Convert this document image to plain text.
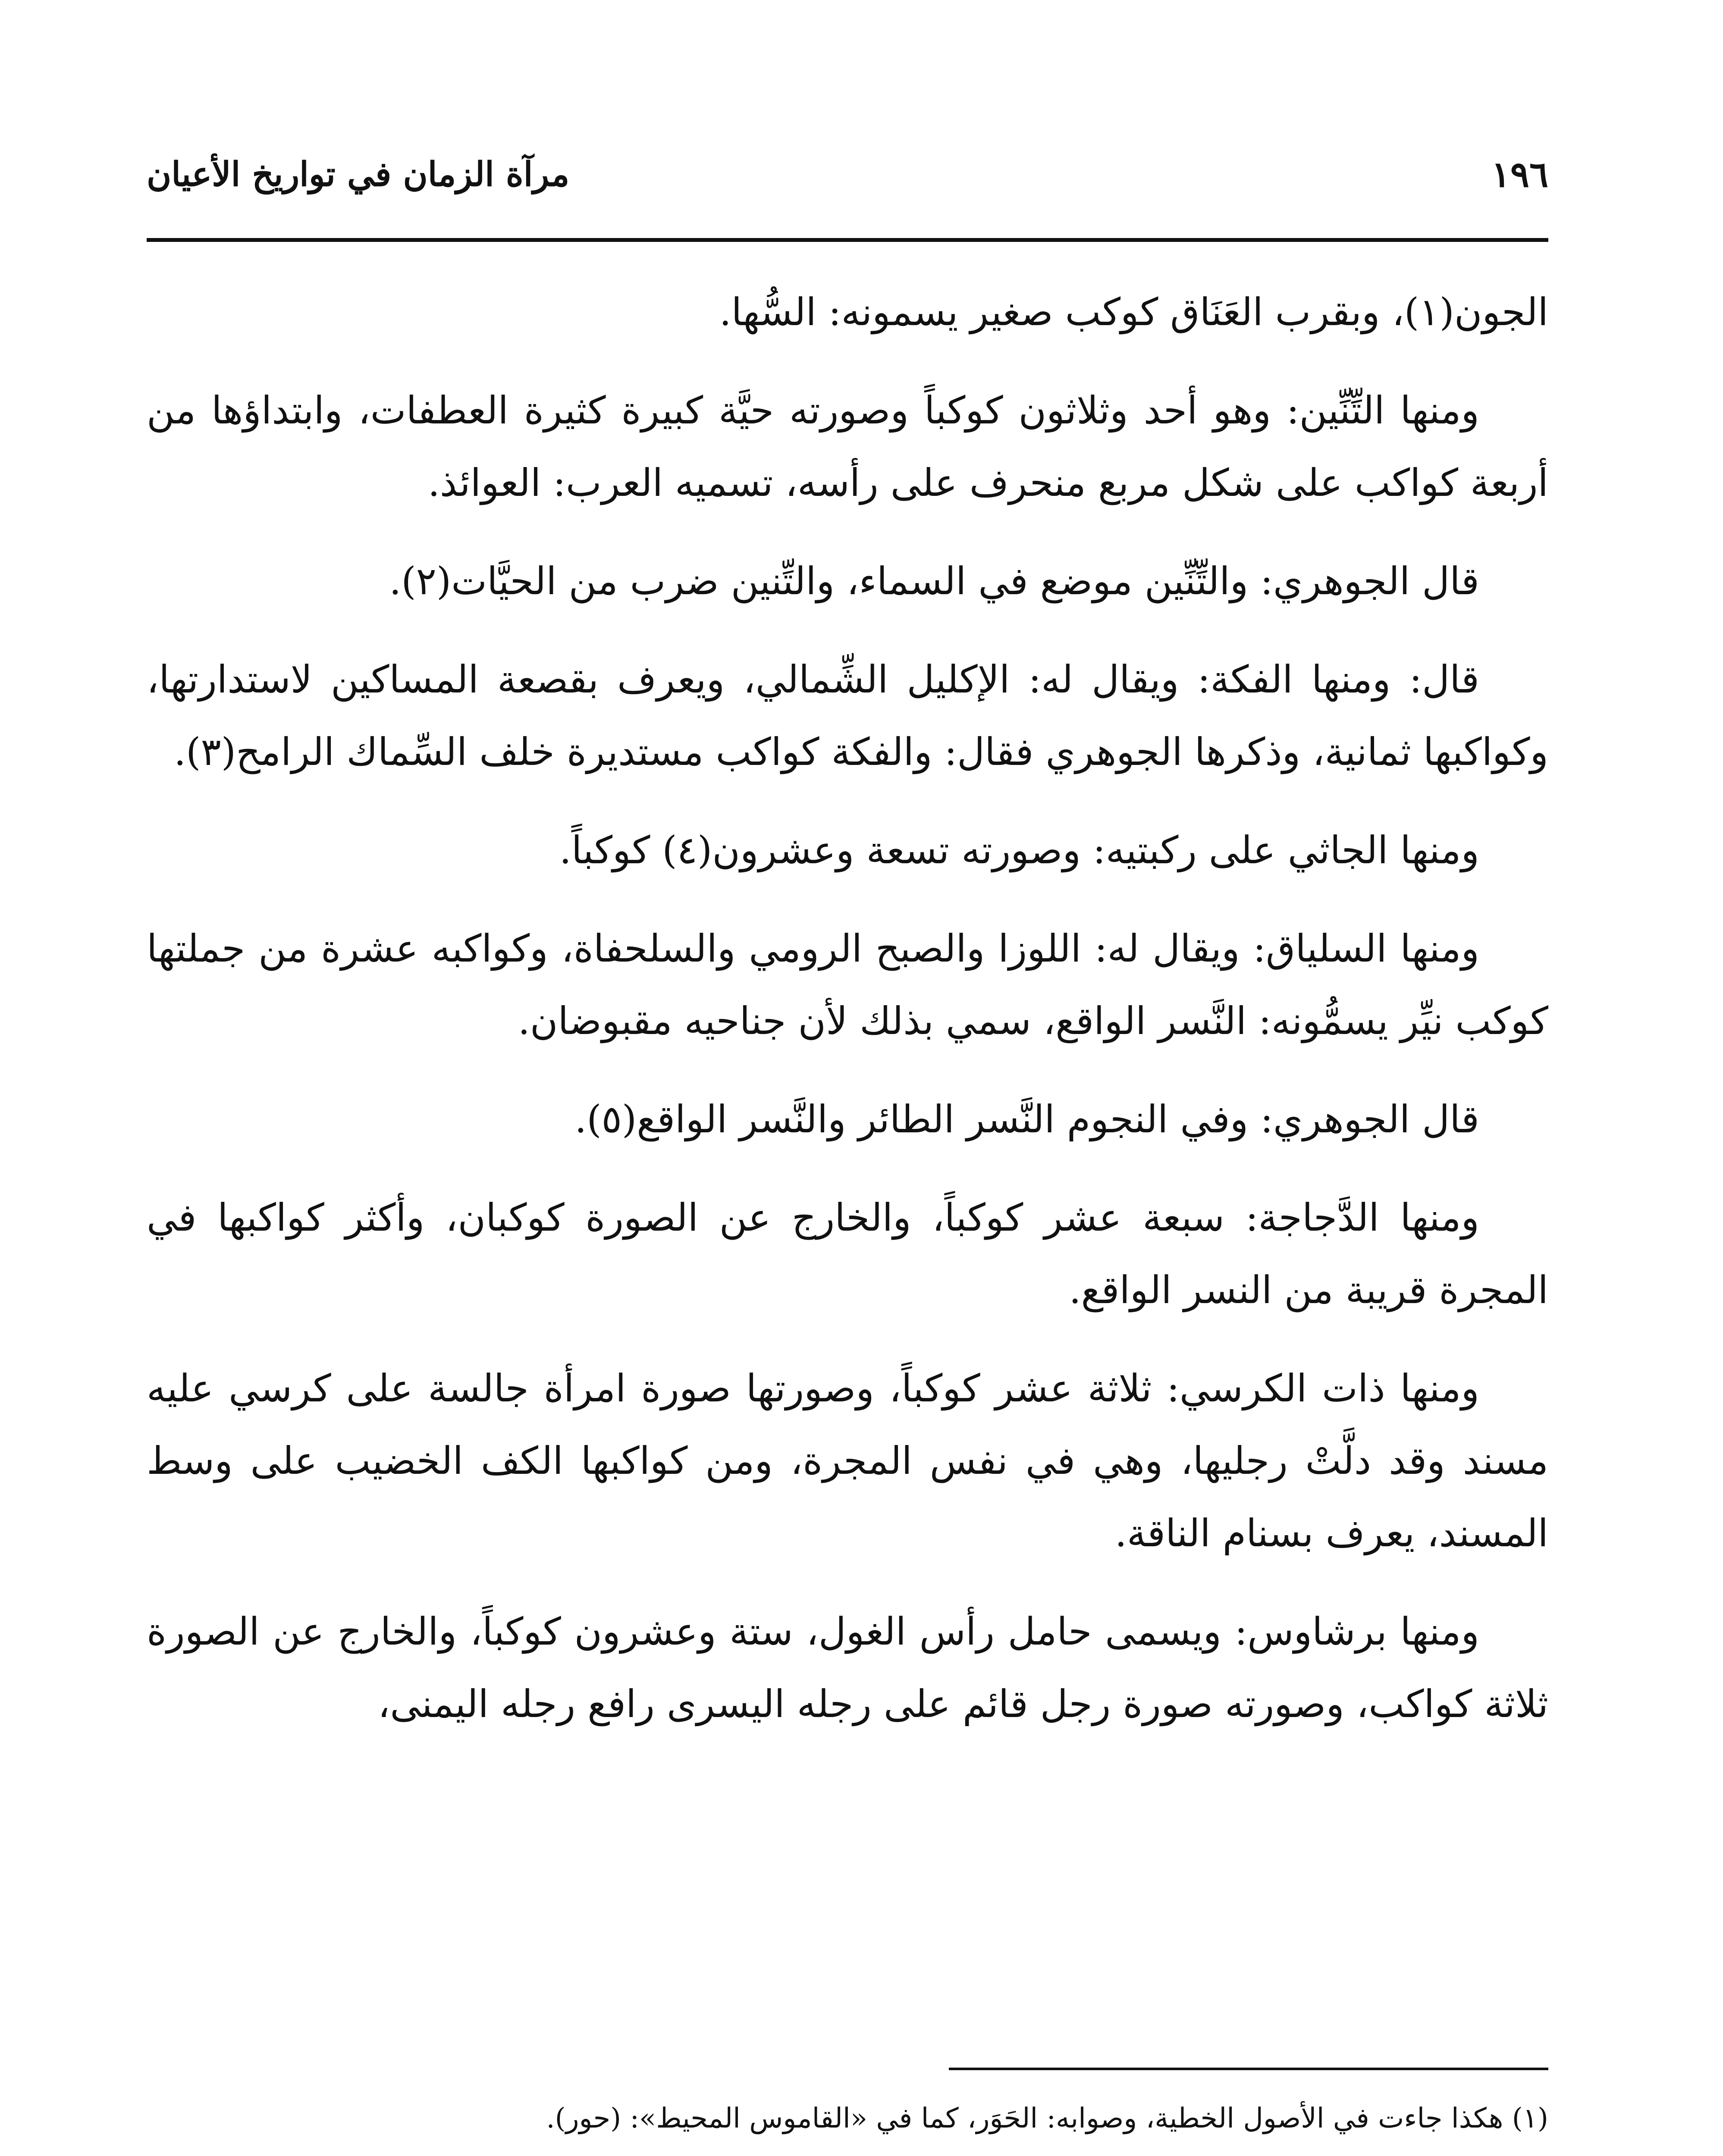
١٩٦
مرآة الزمان في تواريخ الأعيان

الجون(١)، وبقرب العَنَاق كوكب صغير يسمونه: السُّها.

ومنها التِّنِّين: وهو أحد وثلاثون كوكباً وصورته حيَّة كبيرة كثيرة العطفات، وابتداؤها من أربعة كواكب على شكل مربع منحرف على رأسه، تسميه العرب: العوائذ.

قال الجوهري: والتِّنِّين موضع في السماء، والتِّنين ضرب من الحيَّات(٢).

قال: ومنها الفكة: ويقال له: الإكليل الشِّمالي، ويعرف بقصعة المساكين لاستدارتها، وكواكبها ثمانية، وذكرها الجوهري فقال: والفكة كواكب مستديرة خلف السِّماك الرامح(٣).

ومنها الجاثي على ركبتيه: وصورته تسعة وعشرون(٤) كوكباً.

ومنها السلياق: ويقال له: اللوزا والصبح الرومي والسلحفاة، وكواكبه عشرة من جملتها كوكب نيِّر يسمُّونه: النَّسر الواقع، سمي بذلك لأن جناحيه مقبوضان.

قال الجوهري: وفي النجوم النَّسر الطائر والنَّسر الواقع(٥).

ومنها الدَّجاجة: سبعة عشر كوكباً، والخارج عن الصورة كوكبان، وأكثر كواكبها في المجرة قريبة من النسر الواقع.

ومنها ذات الكرسي: ثلاثة عشر كوكباً، وصورتها صورة امرأة جالسة على كرسي عليه مسند وقد دلَّتْ رجليها، وهي في نفس المجرة، ومن كواكبها الكف الخضيب على وسط المسند، يعرف بسنام الناقة.

ومنها برشاوس: ويسمى حامل رأس الغول، ستة وعشرون كوكباً، والخارج عن الصورة ثلاثة كواكب، وصورته صورة رجل قائم على رجله اليسرى رافع رجله اليمنى،

(١) هكذا جاءت في الأصول الخطية، وصوابه: الحَوَر، كما في «القاموس المحيط»: (حور).
